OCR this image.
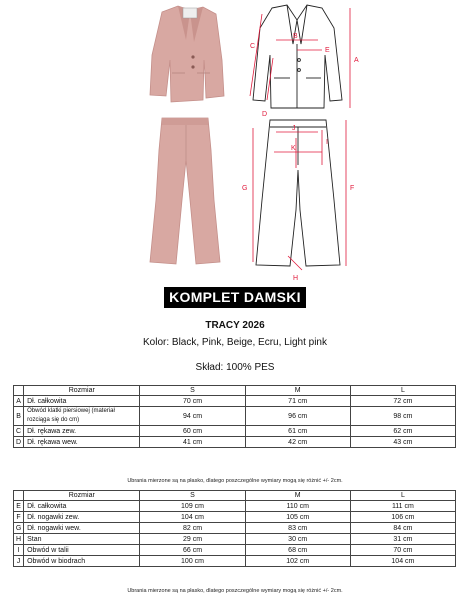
B
E
C
D
A
J
I
K
G	F
H
KOMPLET DAMSKI
TRACY 2026
Kolor: Black, Pink, Beige, Ecru, Light pink
Skład: 100% PES
	Rozmiar	S	M	L
A	Dł. całkowita	70 cm	71 cm	72 cm
B	Obwód klatki piersiowej (materiał rozciąga się do cm)	94 cm	96 cm	98 cm
C	Dł. rękawa zew.	60 cm	61 cm	62 cm
D	Dł. rękawa wew.	41 cm	42 cm	43 cm
Ubrania mierzone są na płasko, dlatego poszczególne wymiary mogą się różnić +/- 2cm.
	Rozmiar	S	M	L
E	Dł. całkowita	109 cm	110 cm	111 cm
F	Dł. nogawki zew.	104 cm	105 cm	106 cm
G	Dł. nogawki wew.	82 cm	83 cm	84 cm
H	Stan	29 cm	30 cm	31 cm
I	Obwód w talii	66 cm	68 cm	70 cm
J	Obwód w biodrach	100 cm	102 cm	104 cm
Ubrania mierzone są na płasko, dlatego poszczególne wymiary mogą się różnić +/- 2cm.
